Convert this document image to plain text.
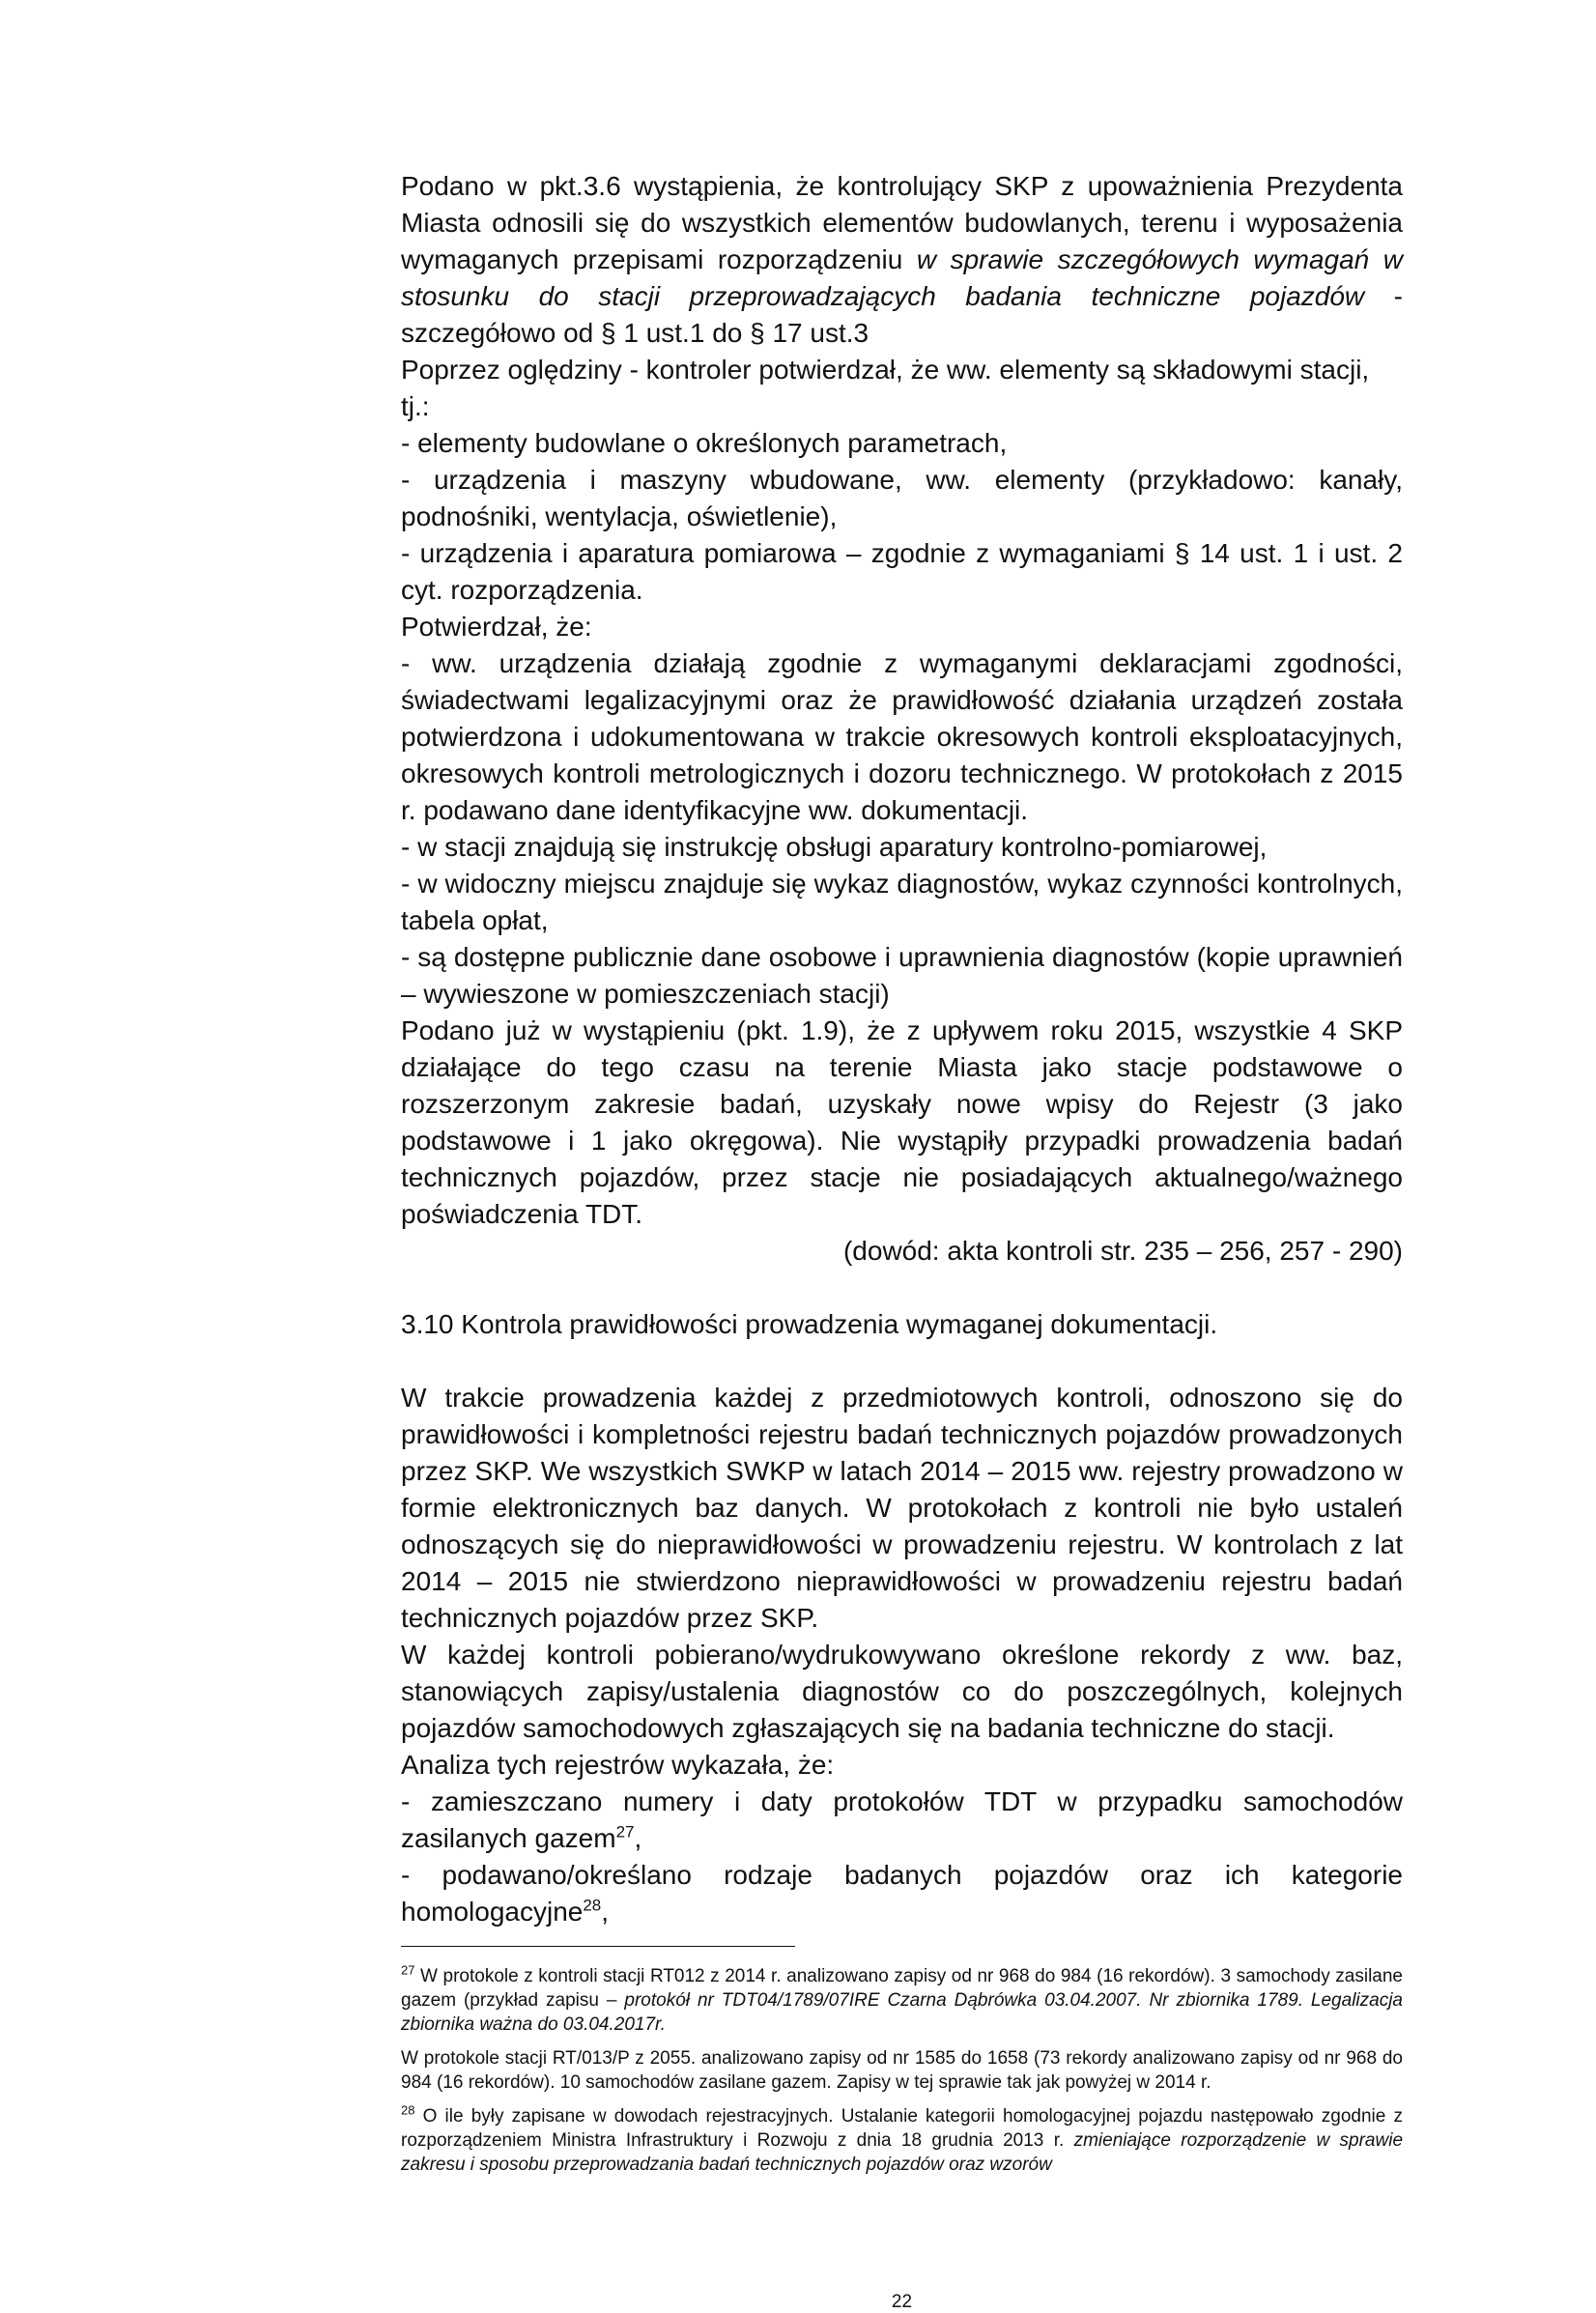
Podano w pkt.3.6 wystąpienia, że kontrolujący SKP z upoważnienia Prezydenta Miasta odnosili się do wszystkich elementów budowlanych, terenu i wyposażenia wymaganych przepisami rozporządzeniu w sprawie szczegółowych wymagań w stosunku do stacji przeprowadzających badania techniczne pojazdów - szczegółowo od § 1 ust.1 do § 17 ust.3

Poprzez oględziny - kontroler potwierdzał, że ww. elementy są składowymi stacji, tj.:

- elementy budowlane o określonych parametrach,

- urządzenia i maszyny wbudowane, ww. elementy (przykładowo: kanały, podnośniki, wentylacja, oświetlenie),

- urządzenia i aparatura pomiarowa – zgodnie z wymaganiami § 14 ust. 1 i ust. 2 cyt. rozporządzenia.

Potwierdzał, że:

- ww. urządzenia działają zgodnie z wymaganymi deklaracjami zgodności, świadectwami legalizacyjnymi oraz że prawidłowość działania urządzeń została potwierdzona i udokumentowana w trakcie okresowych kontroli eksploatacyjnych, okresowych kontroli metrologicznych i dozoru technicznego. W protokołach z 2015 r. podawano dane identyfikacyjne ww. dokumentacji.

- w stacji znajdują się instrukcję obsługi aparatury kontrolno-pomiarowej,

- w widoczny miejscu znajduje się wykaz diagnostów, wykaz czynności kontrolnych, tabela opłat,

- są dostępne publicznie dane osobowe i uprawnienia diagnostów (kopie uprawnień – wywieszone w pomieszczeniach stacji)

Podano już w wystąpieniu (pkt. 1.9), że z upływem roku 2015, wszystkie 4 SKP działające do tego czasu na terenie Miasta jako stacje podstawowe o rozszerzonym zakresie badań, uzyskały nowe wpisy do Rejestr (3 jako podstawowe i 1 jako okręgowa). Nie wystąpiły przypadki prowadzenia badań technicznych pojazdów, przez stacje nie posiadających aktualnego/ważnego poświadczenia TDT.

(dowód: akta kontroli str. 235 – 256, 257 - 290)

3.10 Kontrola prawidłowości prowadzenia wymaganej dokumentacji.

W trakcie prowadzenia każdej z przedmiotowych kontroli, odnoszono się do prawidłowości i kompletności rejestru badań technicznych pojazdów prowadzonych przez SKP. We wszystkich SWKP w latach 2014 – 2015 ww. rejestry prowadzono w formie elektronicznych baz danych. W protokołach z kontroli nie było ustaleń odnoszących się do nieprawidłowości w prowadzeniu rejestru. W kontrolach z lat 2014 – 2015 nie stwierdzono nieprawidłowości w prowadzeniu rejestru badań technicznych pojazdów przez SKP.

W każdej kontroli pobierano/wydrukowywano określone rekordy z ww. baz, stanowiących zapisy/ustalenia diagnostów co do poszczególnych, kolejnych pojazdów samochodowych zgłaszających się na badania techniczne do stacji.

Analiza tych rejestrów wykazała, że:

- zamieszczano numery i daty protokołów TDT w przypadku samochodów zasilanych gazem$^{27}$,

- podawano/określano rodzaje badanych pojazdów oraz ich kategorie homologacyjne$^{28}$,

$^{27}$ W protokole z kontroli stacji RT012 z 2014 r. analizowano zapisy od nr 968 do 984 (16 rekordów). 3 samochody zasilane gazem (przykład zapisu – protokół nr TDT04/1789/07IRE Czarna Dąbrówka 03.04.2007. Nr zbiornika 1789. Legalizacja zbiornika ważna do 03.04.2017r.

W protokole stacji RT/013/P z 2055. analizowano zapisy od nr 1585 do 1658 (73 rekordy analizowano zapisy od nr 968 do 984 (16 rekordów). 10 samochodów zasilane gazem. Zapisy w tej sprawie tak jak powyżej w 2014 r.

$^{28}$ O ile były zapisane w dowodach rejestracyjnych. Ustalanie kategorii homologacyjnej pojazdu następowało zgodnie z rozporządzeniem Ministra Infrastruktury i Rozwoju z dnia 18 grudnia 2013 r. zmieniające rozporządzenie w sprawie zakresu i sposobu przeprowadzania badań technicznych pojazdów oraz wzorów

22
